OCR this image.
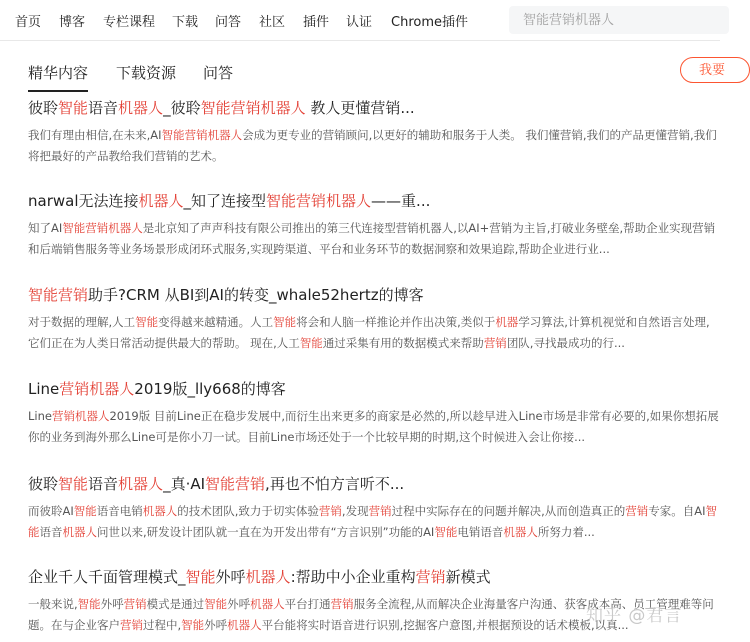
首页 博客 专栏课程 下载 问答 社区 插件 认证 Chrome插件
智能营销机器人
精华内容 下载资源 问答	我要
彼聆智能语音机器人_彼聆智能营销机器人 教人更懂营销...
我们有理由相信,在未来,AI智能营销机器人会成为更专业的营销顾问,以更好的辅助和服务于人类。 我们懂营销,我们的产品更懂营销,我们将把最好的产品教给我们营销的艺术。
narwal无法连接机器人_知了连接型智能营销机器人——重...
知了AI智能营销机器人是北京知了声声科技有限公司推出的第三代连接型营销机器人,以AI+营销为主旨,打破业务壁垒,帮助企业实现营销和后端销售服务等业务场景形成闭环式服务,实现跨渠道、平台和业务环节的数据洞察和效果追踪,帮助企业进行业...
智能营销助手?CRM 从BI到AI的转变_whale52hertz的博客
对于数据的理解,人工智能变得越来越精通。人工智能将会和人脑一样推论并作出决策,类似于机器学习算法,计算机视觉和自然语言处理,它们正在为人类日常活动提供最大的帮助。 现在,人工智能通过采集有用的数据模式来帮助营销团队,寻找最成功的行...
Line营销机器人2019版_lly668的博客
Line营销机器人2019版 目前Line正在稳步发展中,而衍生出来更多的商家是必然的,所以趁早进入Line市场是非常有必要的,如果你想拓展你的业务到海外那么Line可是你小刀一试。目前Line市场还处于一个比较早期的时期,这个时候进入会让你接...
彼聆智能语音机器人_真·AI智能营销,再也不怕方言听不...
而彼聆AI智能语音电销机器人的技术团队,致力于切实体验营销,发现营销过程中实际存在的问题并解决,从而创造真正的营销专家。自AI智能语音机器人问世以来,研发设计团队就一直在为开发出带有“方言识别”功能的AI智能电销语音机器人所努力着...
企业千人千面管理模式_智能外呼机器人:帮助中小企业重构营销新模式
一般来说,智能外呼营销模式是通过智能外呼机器人平台打通营销服务全流程,从而解决企业海量客户沟通、获客成本高、员工管理难等问题。在与企业客户营销过程中,智能外呼机器人平台能将实时语音进行识别,挖掘客户意图,并根据预设的话术模板,以真...
知乎 @君言
